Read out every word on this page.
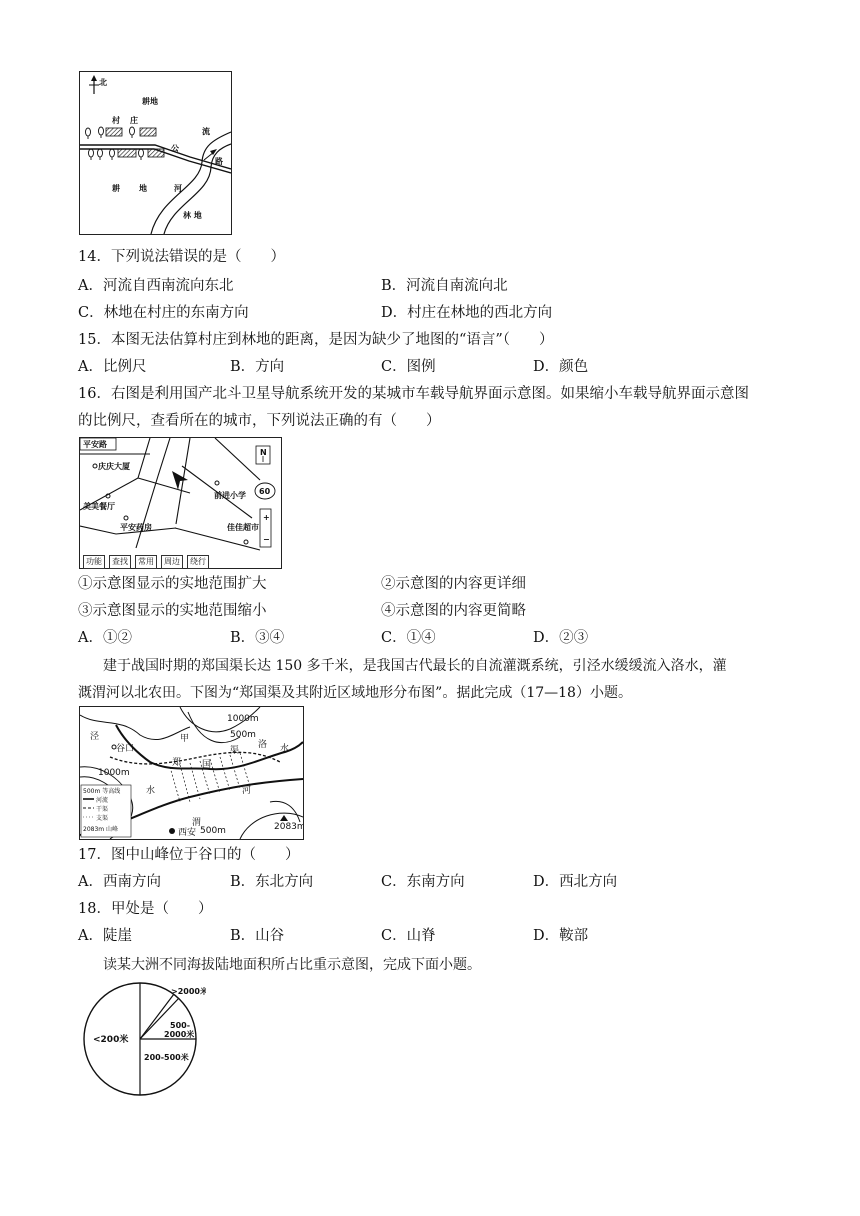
北
耕地
村 庄
公
路
流
耕 地	河
林 地
14．下列说法错误的是（　　）
A．河流自西南流向东北	B．河流自南流向北
C．林地在村庄的东南方向	D．村庄在林地的西北方向
15．本图无法估算村庄到林地的距离，是因为缺少了地图的“语言”（　　）
A．比例尺	B．方向	C．图例	D．颜色
16．右图是利用国产北斗卫星导航系统开发的某城市车载导航界面示意图。如果缩小车载导航界面示意图
的比例尺，查看所在的城市，下列说法正确的有（　　）
N
60
+
−
平安路
庆庆大厦
美美餐厅
平安药房
前进小学
佳佳超市
功能	查找	常用	周边	绕行
①示意图显示的实地范围扩大	②示意图的内容更详细
③示意图显示的实地范围缩小	④示意图的内容更简略
A．①②	B．③④	C．①④	D．②③
建于战国时期的郑国渠长达 150 多千米，是我国古代最长的自流灌溉系统，引泾水缓缓流入洛水，灌
溉渭河以北农田。下图为“郑国渠及其附近区域地形分布图”。据此完成（17—18）小题。
1000m
500m
1000m
500m	2083m
泾
谷口
甲
郑 国
渠
洛 水
水	河
渭
西安
500m 等高线
河流
干渠
支渠
2083m 山峰
17．图中山峰位于谷口的（　　）
A．西南方向	B．东北方向	C．东南方向	D．西北方向
18．甲处是（　　）
A．陡崖	B．山谷	C．山脊	D．鞍部
读某大洲不同海拔陆地面积所占比重示意图，完成下面小题。
>2000米
500-
2000米
<200米
200-500米
